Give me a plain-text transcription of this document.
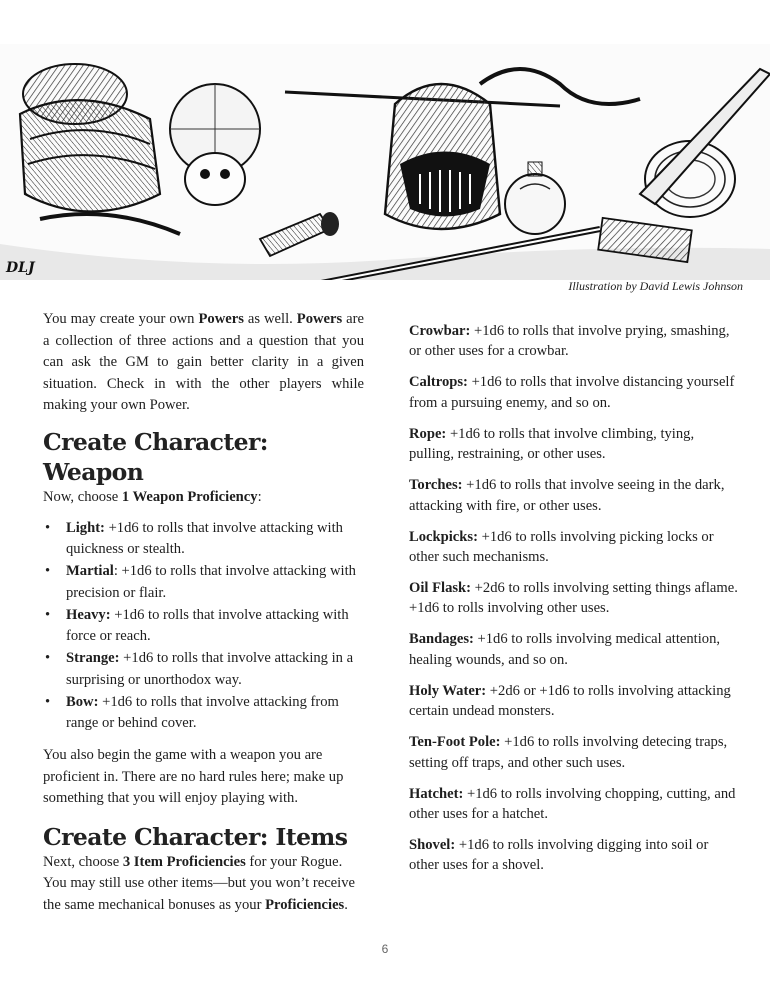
DLJ
Illustration by David Lewis Johnson

You may create your own Powers as well. Powers are a collection of three actions and a question that you can ask the GM to gain better clarity in a given situation. Check in with the other players while making your own Power.

Create Character: Weapon

Now, choose 1 Weapon Proficiency:

• Light: +1d6 to rolls that involve attacking with quickness or stealth.
• Martial: +1d6 to rolls that involve attacking with precision or flair.
• Heavy: +1d6 to rolls that involve attacking with force or reach.
• Strange: +1d6 to rolls that involve attacking in a surprising or unorthodox way.
• Bow: +1d6 to rolls that involve attacking from range or behind cover.

You also begin the game with a weapon you are proficient in. There are no hard rules here; make up something that you will enjoy playing with.

Create Character: Items

Next, choose 3 Item Proficiencies for your Rogue. You may still use other items—but you won’t receive the same mechanical bonuses as your Proficiencies.

Crowbar: +1d6 to rolls that involve prying, smashing, or other uses for a crowbar.

Caltrops: +1d6 to rolls that involve distancing yourself from a pursuing enemy, and so on.

Rope: +1d6 to rolls that involve climbing, tying, pulling, restraining, or other uses.

Torches: +1d6 to rolls that involve seeing in the dark, attacking with fire, or other uses.

Lockpicks: +1d6 to rolls involving picking locks or other such mechanisms.

Oil Flask: +2d6 to rolls involving setting things aflame. +1d6 to rolls involving other uses.

Bandages: +1d6 to rolls involving medical attention, healing wounds, and so on.

Holy Water: +2d6 or +1d6 to rolls involving attacking certain undead monsters.

Ten-Foot Pole: +1d6 to rolls involving detecing traps, setting off traps, and other such uses.

Hatchet: +1d6 to rolls involving chopping, cutting, and other uses for a hatchet.

Shovel: +1d6 to rolls involving digging into soil or other uses for a shovel.

6
